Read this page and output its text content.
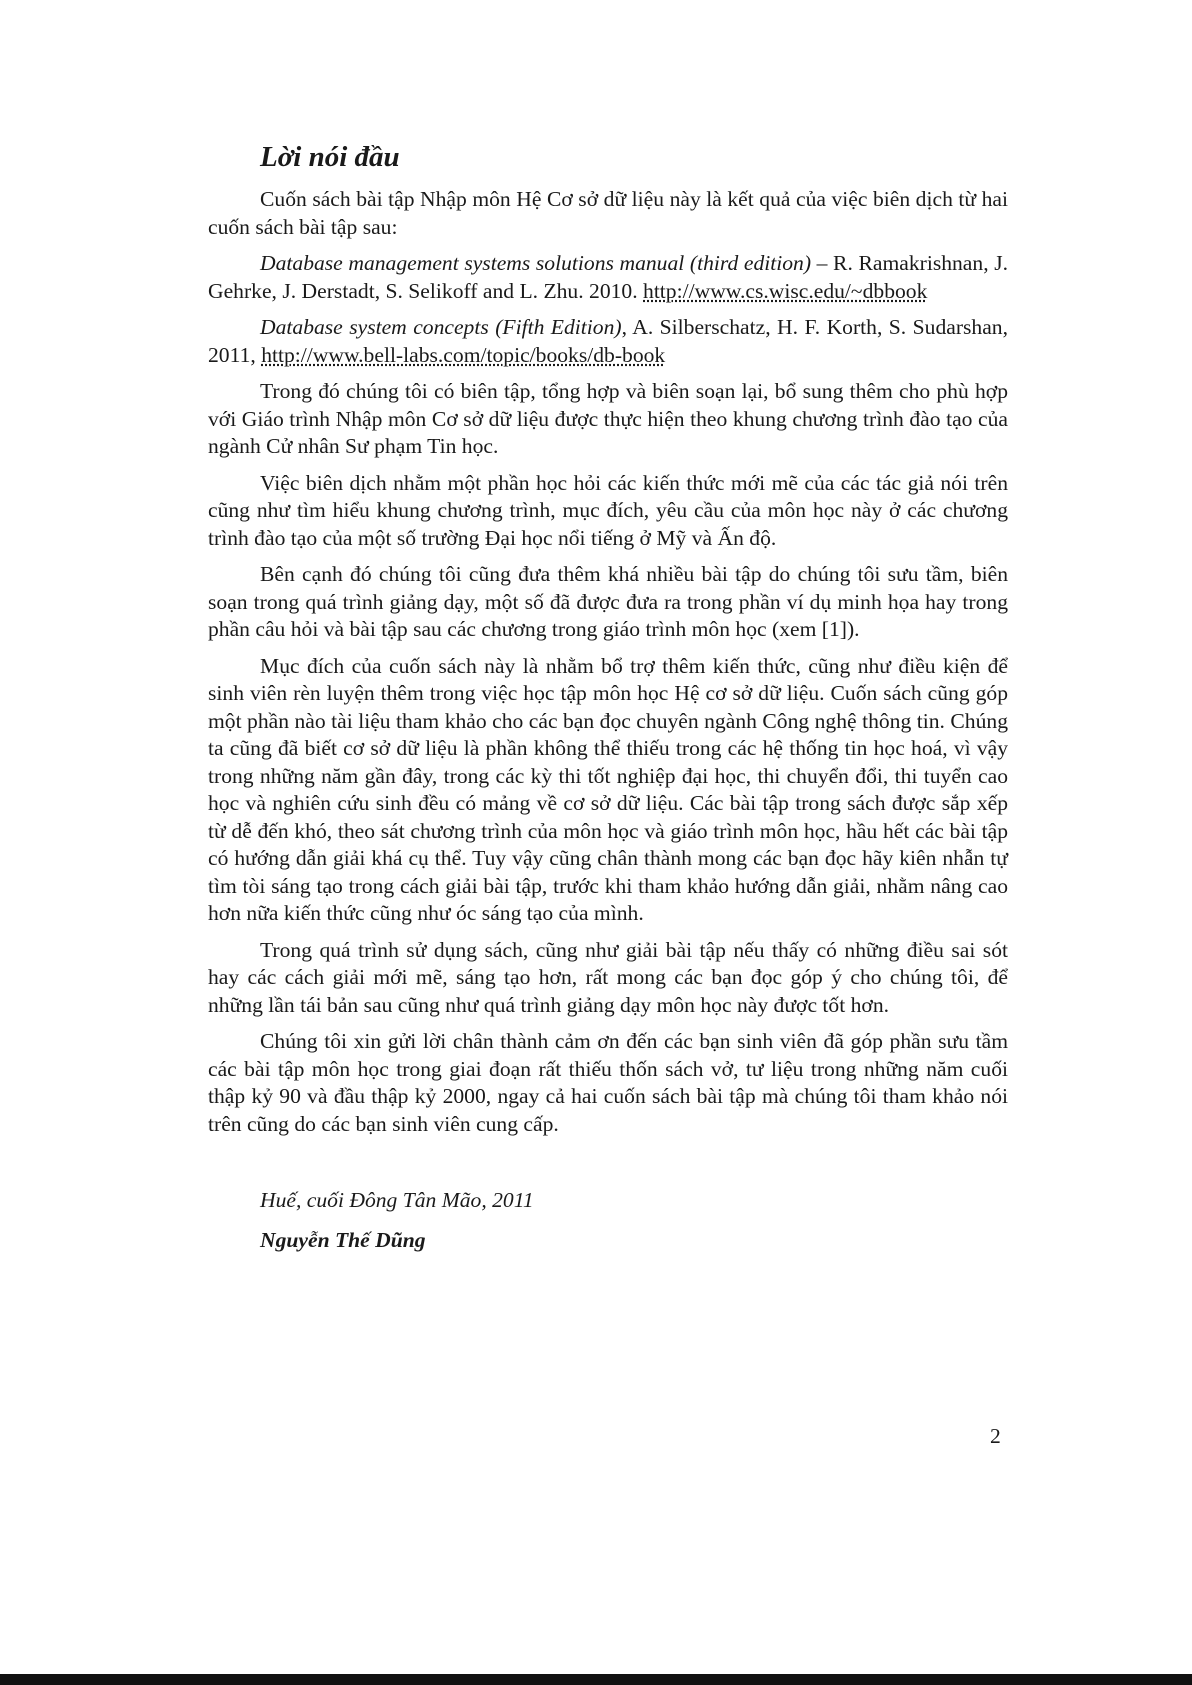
Lời nói đầu

Cuốn sách bài tập Nhập môn Hệ Cơ sở dữ liệu này là kết quả của việc biên dịch từ hai cuốn sách bài tập sau:

Database management systems solutions manual (third edition) – R. Ramakrishnan, J. Gehrke, J. Derstadt, S. Selikoff and L. Zhu. 2010. http://www.cs.wisc.edu/~dbbook

Database system concepts (Fifth Edition), A. Silberschatz, H. F. Korth, S. Sudarshan, 2011, http://www.bell-labs.com/topic/books/db-book

Trong đó chúng tôi có biên tập, tổng hợp và biên soạn lại, bổ sung thêm cho phù hợp với Giáo trình Nhập môn Cơ sở dữ liệu được thực hiện theo khung chương trình đào tạo của ngành Cử nhân Sư phạm Tin học.

Việc biên dịch nhằm một phần học hỏi các kiến thức mới mẽ của các tác giả nói trên cũng như tìm hiểu khung chương trình, mục đích, yêu cầu của môn học này ở các chương trình đào tạo của một số trường Đại học nổi tiếng ở Mỹ và Ấn độ.

Bên cạnh đó chúng tôi cũng đưa thêm khá nhiều bài tập do chúng tôi sưu tầm, biên soạn trong quá trình giảng dạy, một số đã được đưa ra trong phần ví dụ minh họa hay trong phần câu hỏi và bài tập sau các chương trong giáo trình môn học (xem [1]).

Mục đích của cuốn sách này là nhằm bổ trợ thêm kiến thức, cũng như điều kiện để sinh viên rèn luyện thêm trong việc học tập môn học Hệ cơ sở dữ liệu. Cuốn sách cũng góp một phần nào tài liệu tham khảo cho các bạn đọc chuyên ngành Công nghệ thông tin. Chúng ta cũng đã biết cơ sở dữ liệu là phần không thể thiếu trong các hệ thống tin học hoá, vì vậy trong những năm gần đây, trong các kỳ thi tốt nghiệp đại học, thi chuyển đổi, thi tuyển cao học và nghiên cứu sinh đều có mảng về cơ sở dữ liệu. Các bài tập trong sách được sắp xếp từ dễ đến khó, theo sát chương trình của môn học và giáo trình môn học, hầu hết các bài tập có hướng dẫn giải khá cụ thể. Tuy vậy cũng chân thành mong các bạn đọc hãy kiên nhẫn tự tìm tòi sáng tạo trong cách giải bài tập, trước khi tham khảo hướng dẫn giải, nhằm nâng cao hơn nữa kiến thức cũng như óc sáng tạo của mình.

Trong quá trình sử dụng sách, cũng như giải bài tập nếu thấy có những điều sai sót hay các cách giải mới mẽ, sáng tạo hơn, rất mong các bạn đọc góp ý cho chúng tôi, để những lần tái bản sau cũng như quá trình giảng dạy môn học này được tốt hơn.

Chúng tôi xin gửi lời chân thành cảm ơn đến các bạn sinh viên đã góp phần sưu tầm các bài tập môn học trong giai đoạn rất thiếu thốn sách vở, tư liệu trong những năm cuối thập kỷ 90 và đầu thập kỷ 2000, ngay cả hai cuốn sách bài tập mà chúng tôi tham khảo nói trên cũng do các bạn sinh viên cung cấp.

Huế, cuối Đông Tân Mão, 2011
Nguyễn Thế Dũng
2
